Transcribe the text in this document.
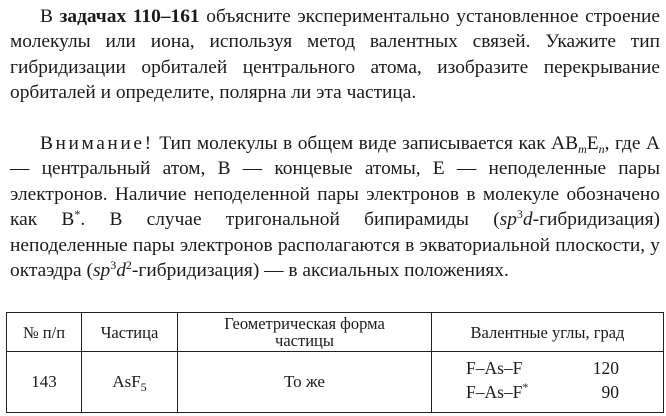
В задачах 110–161 объясните экспериментально установленное строение молекулы или иона, используя метод валентных связей. Укажите тип гибридизации орбиталей центрального атома, изобразите перекрывание орбиталей и определите, полярна ли эта частица.

Внимание! Тип молекулы в общем виде записывается как $AB_mE_n$, где A — центральный атом, B — концевые атомы, E — неподеленные пары электронов. Наличие неподеленной пары электронов в молекуле обозначено как B*. В случае тригональной бипирамиды $(sp^3d-гибридизация)$ неподеленные пары электронов располагаются в экваториальной плоскости, у октаэдра $(sp^3d^2-гибридизация)$ — в аксиальных положениях.

№ п/п	Частица	Геометрическая форма частицы	Валентные углы, град
143	AsF$_5$	То же	F–As–F 120
F–As–F* 90
